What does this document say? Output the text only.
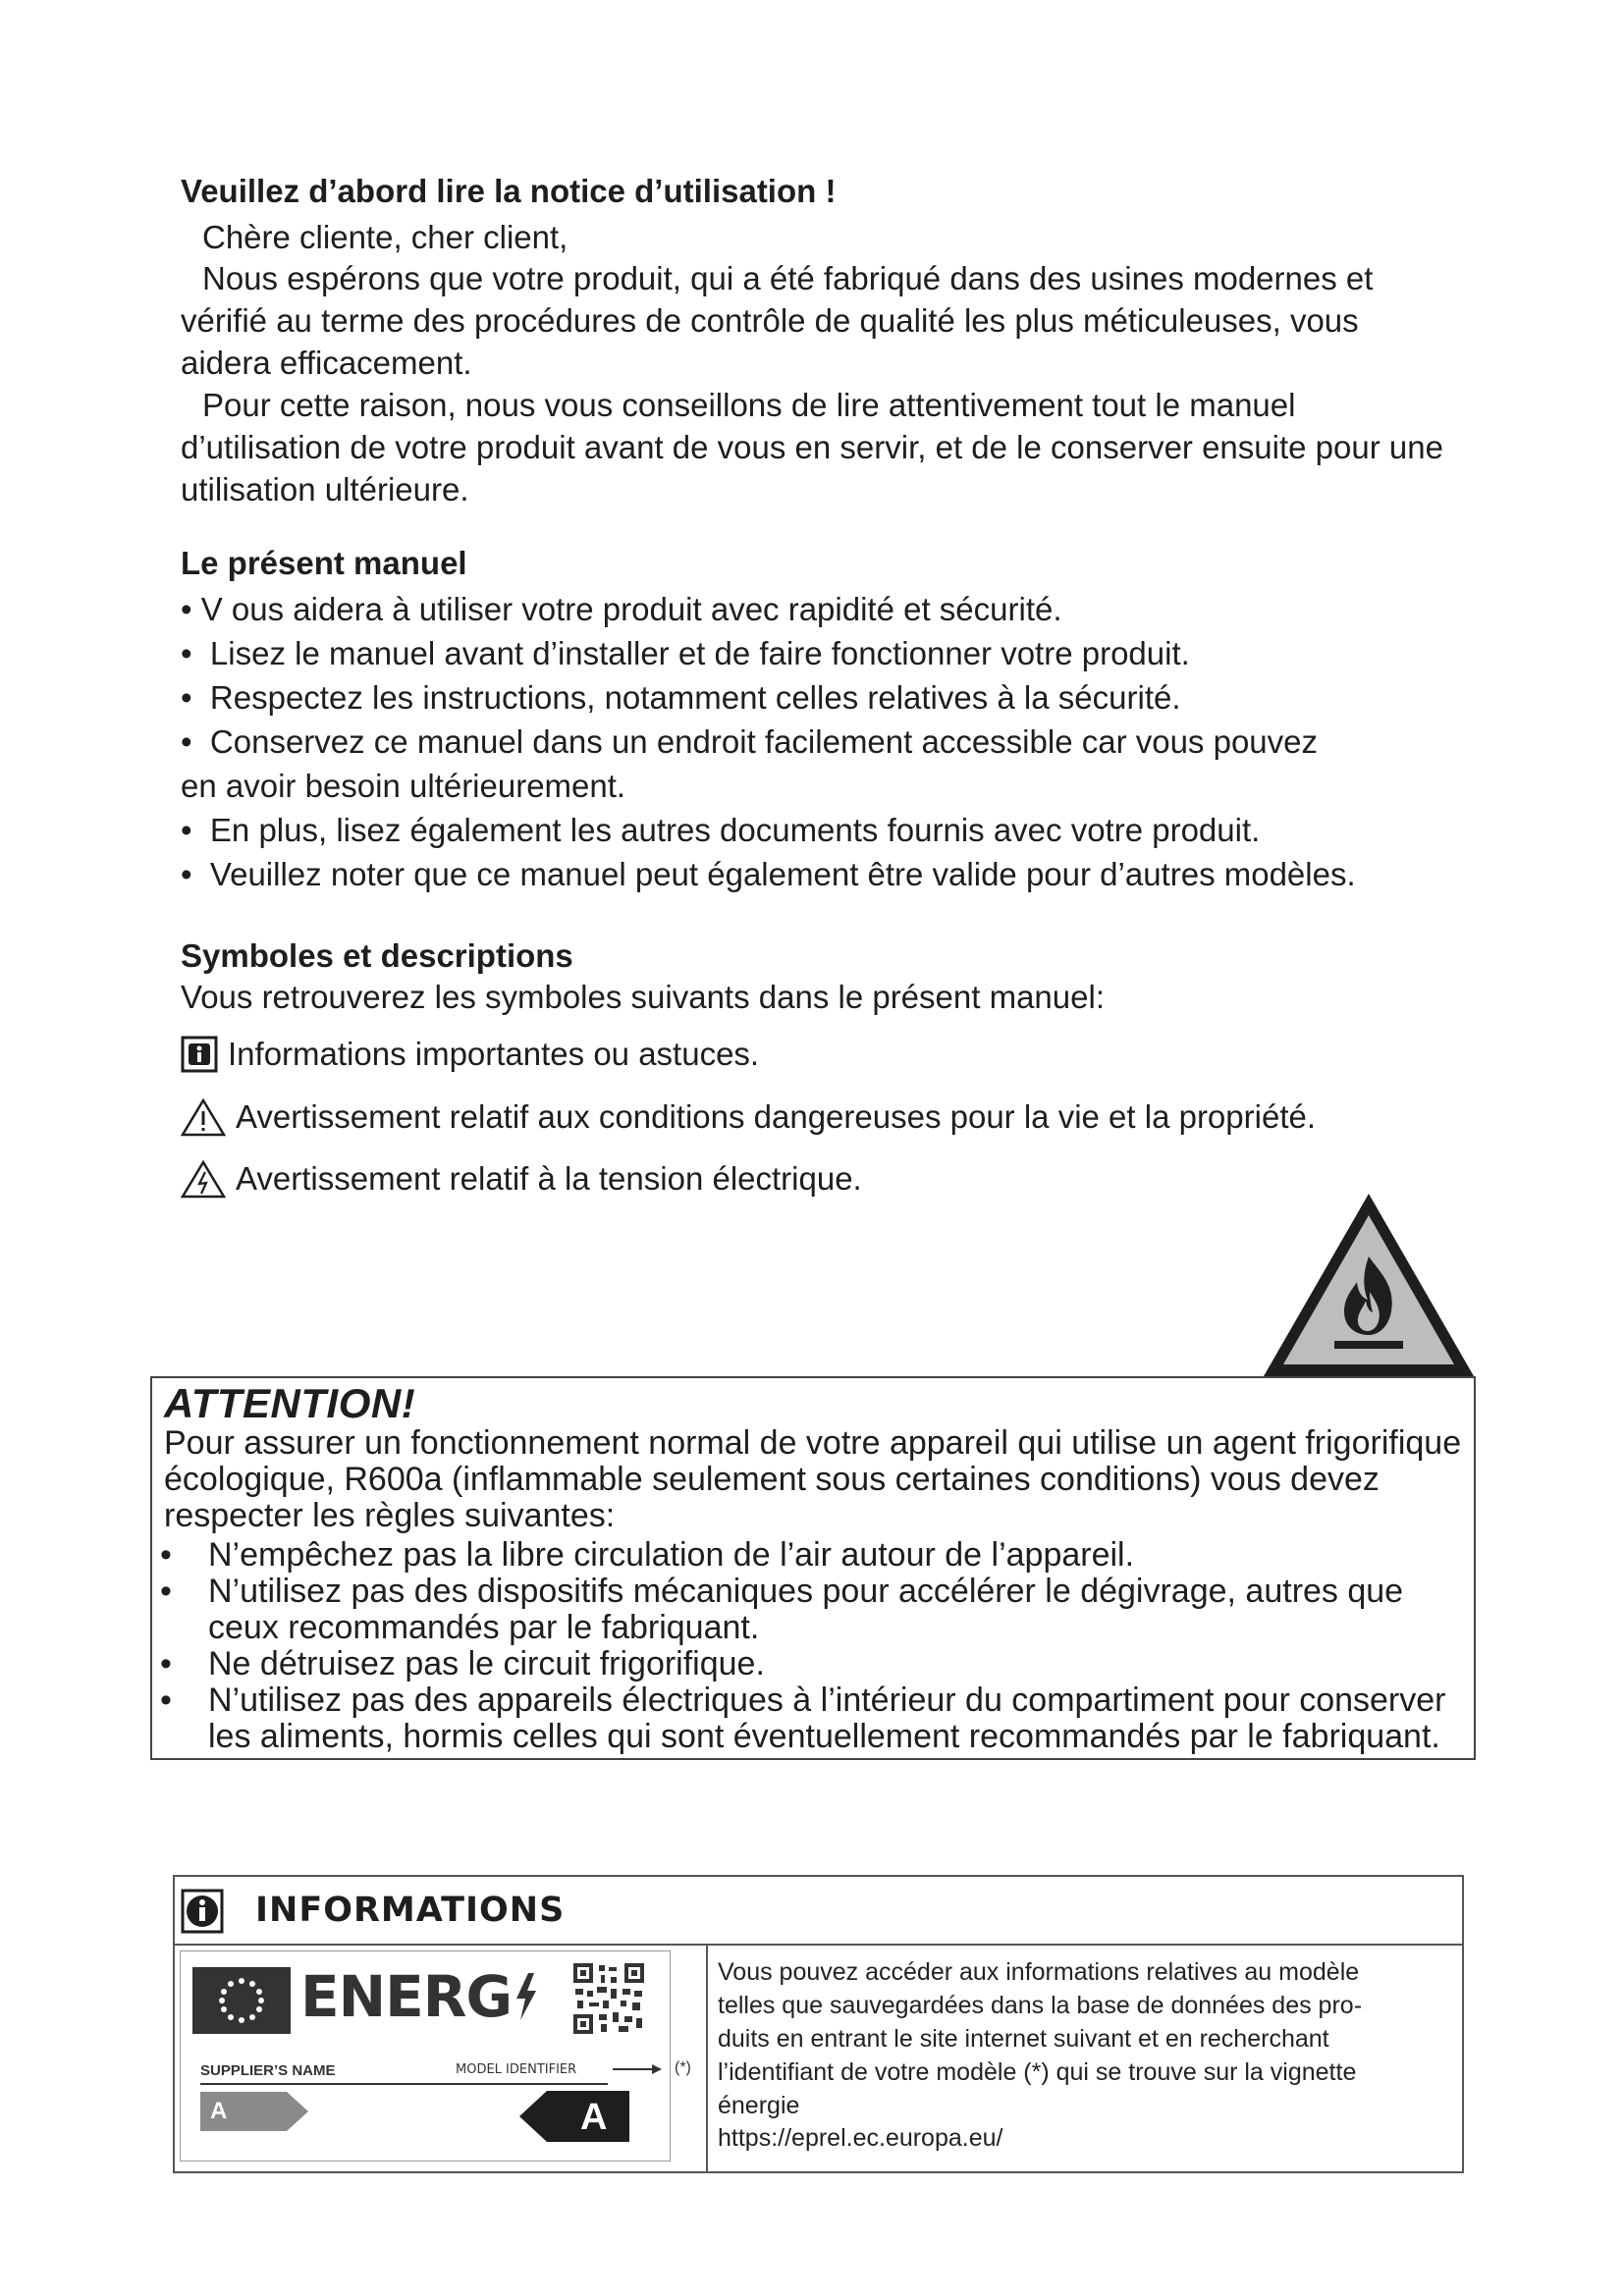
Veuillez d’abord lire la notice d’utilisation !
Chère cliente, cher client,
Nous espérons que votre produit, qui a été fabriqué dans des usines modernes et vérifié au terme des procédures de contrôle de qualité les plus méticuleuses, vous aidera efficacement.
Pour cette raison, nous vous conseillons de lire attentivement tout le manuel d’utilisation de votre produit avant de vous en servir, et de le conserver ensuite pour une utilisation ultérieure.
Le présent manuel
• V ous aidera à utiliser votre produit avec rapidité et sécurité.
• Lisez le manuel avant d’installer et de faire fonctionner votre produit.
• Respectez les instructions, notamment celles relatives à la sécurité.
• Conservez ce manuel dans un endroit facilement accessible car vous pouvez
en avoir besoin ultérieurement.
• En plus, lisez également les autres documents fournis avec votre produit.
• Veuillez noter que ce manuel peut également être valide pour d’autres modèles.
Symboles et descriptions
Vous retrouverez les symboles suivants dans le présent manuel:
Informations importantes ou astuces.
Avertissement relatif aux conditions dangereuses pour la vie et la propriété.
Avertissement relatif à la tension électrique.
ATTENTION!
Pour assurer un fonctionnement normal de votre appareil qui utilise un agent frigorifique écologique, R600a (inflammable seulement sous certaines conditions) vous devez respecter les règles suivantes:
• N’empêchez pas la libre circulation de l’air autour de l’appareil.
• N’utilisez pas des dispositifs mécaniques pour accélérer le dégivrage, autres que
ceux recommandés par le fabriquant.
• Ne détruisez pas le circuit frigorifique.
• N’utilisez pas des appareils électriques à l’intérieur du compartiment pour conserver
les aliments, hormis celles qui sont éventuellement recommandés par le fabriquant.
INFORMATIONS
ENERG
SUPPLIER’S NAME	MODEL IDENTIFIER
A	A
(*)
Vous pouvez accéder aux informations relatives au modèle telles que sauvegardées dans la base de données des pro-duits en entrant le site internet suivant et en recherchant l’identifiant de votre modèle (*) qui se trouve sur la vignette énergie
https://eprel.ec.europa.eu/
